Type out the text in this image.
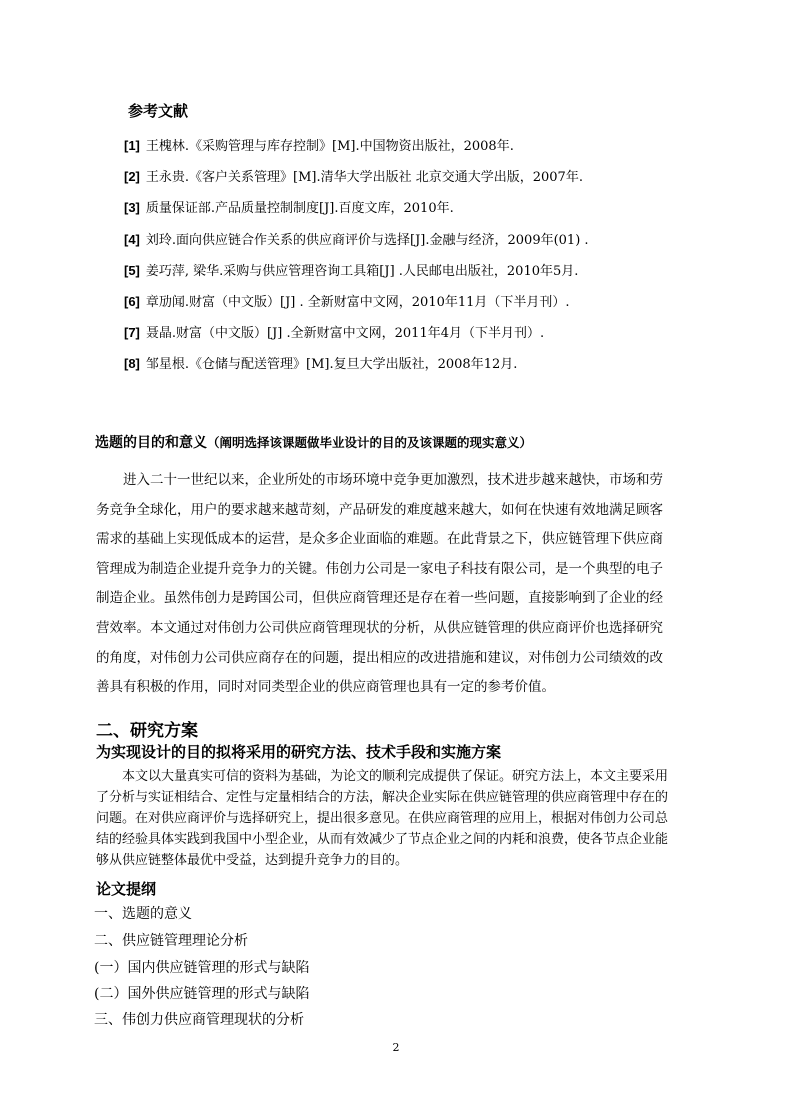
参考文献
[1] 王槐林.《采购管理与库存控制》[M].中国物资出版社，2008年.
[2] 王永贵.《客户关系管理》[M].清华大学出版社 北京交通大学出版，2007年.
[3] 质量保证部.产品质量控制制度[J].百度文库，2010年.
[4] 刘玲.面向供应链合作关系的供应商评价与选择[J].金融与经济，2009年(01) .
[5] 姜巧萍, 梁华.采购与供应管理咨询工具箱[J] .人民邮电出版社，2010年5月.
[6] 章劢闻.财富（中文版）[J] . 全新财富中文网，2010年11月（下半月刊）.
[7] 聂晶.财富（中文版）[J] .全新财富中文网，2011年4月（下半月刊）.
[8] 邹星根.《仓储与配送管理》[M].复旦大学出版社，2008年12月.
选题的目的和意义（阐明选择该课题做毕业设计的目的及该课题的现实意义）
　　进入二十一世纪以来，企业所处的市场环境中竞争更加激烈，技术进步越来越快，市场和劳
务竞争全球化，用户的要求越来越苛刻，产品研发的难度越来越大，如何在快速有效地满足顾客
需求的基础上实现低成本的运营，是众多企业面临的难题。在此背景之下，供应链管理下供应商
管理成为制造企业提升竞争力的关键。伟创力公司是一家电子科技有限公司，是一个典型的电子
制造企业。虽然伟创力是跨国公司，但供应商管理还是存在着一些问题，直接影响到了企业的经
营效率。本文通过对伟创力公司供应商管理现状的分析，从供应链管理的供应商评价也选择研究
的角度，对伟创力公司供应商存在的问题，提出相应的改进措施和建议，对伟创力公司绩效的改
善具有积极的作用，同时对同类型企业的供应商管理也具有一定的参考价值。
二、研究方案
为实现设计的目的拟将采用的研究方法、技术手段和实施方案
　　本文以大量真实可信的资料为基础，为论文的顺利完成提供了保证。研究方法上，本文主要采用
了分析与实证相结合、定性与定量相结合的方法，解决企业实际在供应链管理的供应商管理中存在的
问题。在对供应商评价与选择研究上，提出很多意见。在供应商管理的应用上，根据对伟创力公司总
结的经验具体实践到我国中小型企业，从而有效减少了节点企业之间的内耗和浪费，使各节点企业能
够从供应链整体最优中受益，达到提升竞争力的目的。
论文提纲
一、选题的意义
二、供应链管理理论分析
(一）国内供应链管理的形式与缺陷
(二）国外供应链管理的形式与缺陷
三、伟创力供应商管理现状的分析
2
